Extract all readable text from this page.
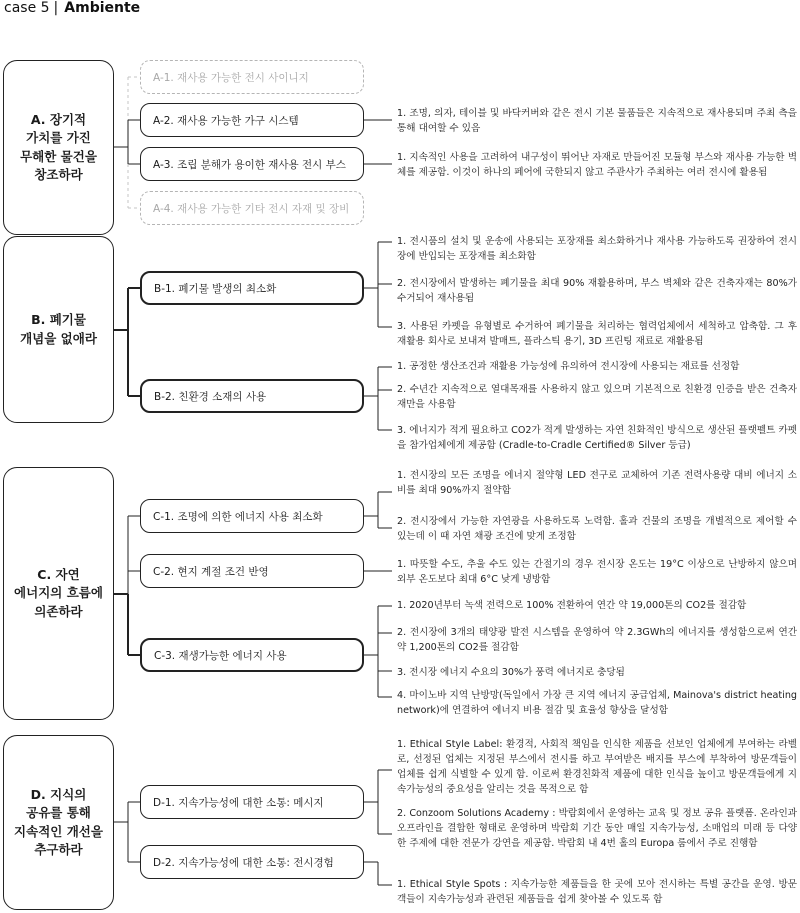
case 5 | Ambiente
A. 장기적
가치를 가진
무해한 물건을
창조하라
A-1. 재사용 가능한 전시 사이니지
A-2. 재사용 가능한 가구 시스템
1. 조명, 의자, 테이블 및 바닥커버와 같은 전시 기본 물품들은 지속적으로 재사용되며 주최 측을 통해 대여할 수 있음
A-3. 조립 분해가 용이한 재사용 전시 부스
1. 지속적인 사용을 고려하여 내구성이 뛰어난 자재로 만들어진 모듈형 부스와 재사용 가능한 벽체를 제공함. 이것이 하나의 페어에 국한되지 않고 주관사가 주최하는 여러 전시에 활용됨
A-4. 재사용 가능한 기타 전시 자재 및 장비
B. 폐기물
개념을 없애라
B-1. 폐기물 발생의 최소화
1. 전시품의 설치 및 운송에 사용되는 포장재를 최소화하거나 재사용 가능하도록 권장하여 전시장에 반입되는 포장재를 최소화함
2. 전시장에서 발생하는 폐기물을 최대 90% 재활용하며, 부스 벽체와 같은 건축자재는 80%가 수거되어 재사용됨
3. 사용된 카펫을 유형별로 수거하여 폐기물을 처리하는 협력업체에서 세척하고 압축함. 그 후 재활용 회사로 보내져 발매트, 플라스틱 용기, 3D 프린팅 재료로 재활용됨
B-2. 친환경 소재의 사용
1. 공정한 생산조건과 재활용 가능성에 유의하여 전시장에 사용되는 재료를 선정함
2. 수년간 지속적으로 열대목재를 사용하지 않고 있으며 기본적으로 친환경 인증을 받은 건축자재만을 사용함
3. 에너지가 적게 필요하고 CO2가 적게 발생하는 자연 친화적인 방식으로 생산된 플랫펠트 카펫을 참가업체에게 제공함 (Cradle-to-Cradle Certified® Silver 등급)
C. 자연
에너지의 흐름에
의존하라
C-1. 조명에 의한 에너지 사용 최소화
1. 전시장의 모든 조명을 에너지 절약형 LED 전구로 교체하여 기존 전력사용량 대비 에너지 소비를 최대 90%까지 절약함
2. 전시장에서 가능한 자연광을 사용하도록 노력함. 홀과 건물의 조명을 개별적으로 제어할 수 있는데 이 때 자연 채광 조건에 맞게 조정함
C-2. 현지 계절 조건 반영
1. 따뜻할 수도, 추울 수도 있는 간절기의 경우 전시장 온도는 19°C 이상으로 난방하지 않으며 외부 온도보다 최대 6°C 낮게 냉방함
C-3. 재생가능한 에너지 사용
1. 2020년부터 녹색 전력으로 100% 전환하여 연간 약 19,000톤의 CO2를 절감함
2. 전시장에 3개의 태양광 발전 시스템을 운영하여 약 2.3GWh의 에너지를 생성함으로써 연간 약 1,200톤의 CO2를 절감함
3. 전시장 에너지 수요의 30%가 풍력 에너지로 충당됨
4. 마이노바 지역 난방망(독일에서 가장 큰 지역 에너지 공급업체, Mainova's district heating network)에 연결하여 에너지 비용 절감 및 효율성 향상을 달성함
D. 지식의
공유를 통해
지속적인 개선을
추구하라
D-1. 지속가능성에 대한 소통: 메시지
1. Ethical Style Label: 환경적, 사회적 책임을 인식한 제품을 선보인 업체에게 부여하는 라벨로, 선정된 업체는 지정된 부스에서 전시를 하고 부여받은 배지를 부스에 부착하여 방문객들이 업체를 쉽게 식별할 수 있게 함. 이로써 환경친화적 제품에 대한 인식을 높이고 방문객들에게 지속가능성의 중요성을 알리는 것을 목적으로 함
2. Conzoom Solutions Academy : 박람회에서 운영하는 교육 및 정보 공유 플랫폼. 온라인과 오프라인을 결합한 형태로 운영하며 박람회 기간 동안 매일 지속가능성, 소매업의 미래 등 다양한 주제에 대한 전문가 강연을 제공함. 박람회 내 4번 홀의 Europa 룸에서 주로 진행함
D-2. 지속가능성에 대한 소통: 전시경험
1. Ethical Style Spots : 지속가능한 제품들을 한 곳에 모아 전시하는 특별 공간을 운영. 방문객들이 지속가능성과 관련된 제품들을 쉽게 찾아볼 수 있도록 함
